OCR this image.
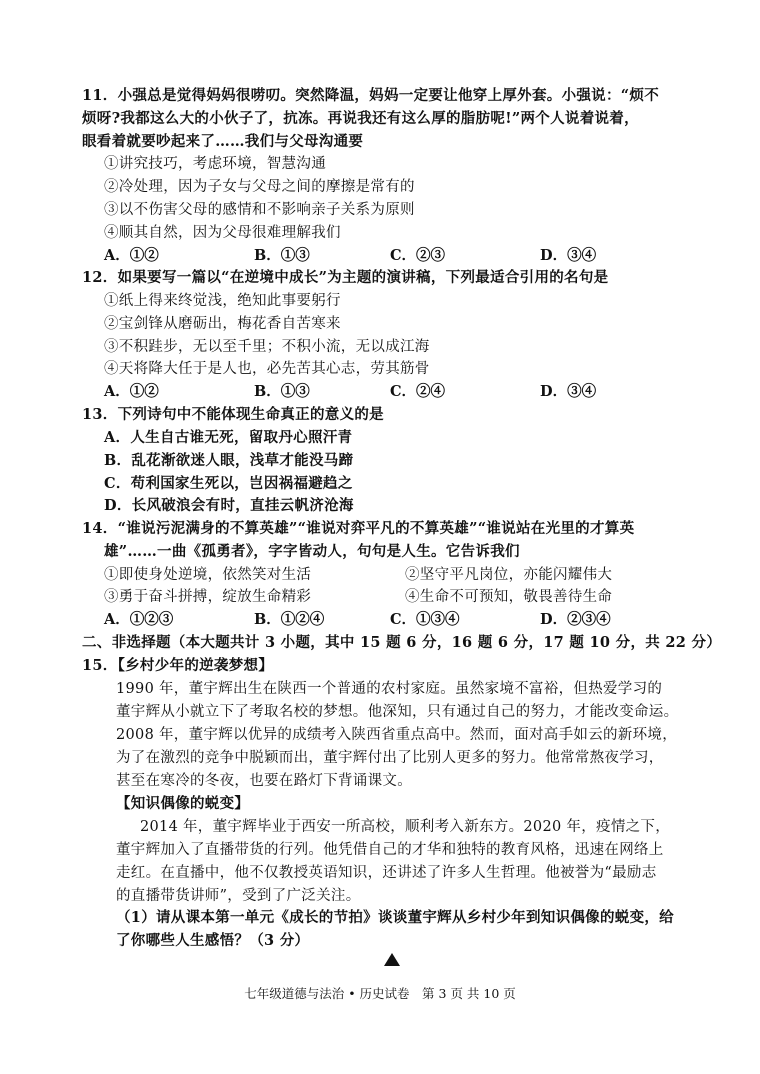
11．小强总是觉得妈妈很唠叨。突然降温，妈妈一定要让他穿上厚外套。小强说：“烦不
烦呀?我都这么大的小伙子了，抗冻。再说我还有这么厚的脂肪呢!”两个人说着说着，
眼看着就要吵起来了……我们与父母沟通要
①讲究技巧，考虑环境，智慧沟通
②冷处理，因为子女与父母之间的摩擦是常有的
③以不伤害父母的感情和不影响亲子关系为原则
④顺其自然，因为父母很难理解我们
A．①②	B．①③	C．②③	D．③④
12．如果要写一篇以“在逆境中成长”为主题的演讲稿，下列最适合引用的名句是
①纸上得来终觉浅，绝知此事要躬行
②宝剑锋从磨砺出，梅花香自苦寒来
③不积跬步，无以至千里；不积小流，无以成江海
④天将降大任于是人也，必先苦其心志，劳其筋骨
A．①②	B．①③	C．②④	D．③④
13．下列诗句中不能体现生命真正的意义的是
A．人生自古谁无死，留取丹心照汗青
B．乱花渐欲迷人眼，浅草才能没马蹄
C．苟利国家生死以，岂因祸福避趋之
D．长风破浪会有时，直挂云帆济沧海
14．“谁说污泥满身的不算英雄”“谁说对弈平凡的不算英雄”“谁说站在光里的才算英
雄”……一曲《孤勇者》，字字皆动人，句句是人生。它告诉我们
①即使身处逆境，依然笑对生活	②坚守平凡岗位，亦能闪耀伟大
③勇于奋斗拼搏，绽放生命精彩	④生命不可预知，敬畏善待生命
A．①②③	B．①②④	C．①③④	D．②③④
二、非选择题（本大题共计 3 小题，其中 15 题 6 分，16 题 6 分，17 题 10 分，共 22 分）
15．【乡村少年的逆袭梦想】
1990 年，董宇辉出生在陕西一个普通的农村家庭。虽然家境不富裕，但热爱学习的
董宇辉从小就立下了考取名校的梦想。他深知，只有通过自己的努力，才能改变命运。
2008 年，董宇辉以优异的成绩考入陕西省重点高中。然而，面对高手如云的新环境，
为了在激烈的竞争中脱颖而出，董宇辉付出了比别人更多的努力。他常常熬夜学习，
甚至在寒冷的冬夜，也要在路灯下背诵课文。
【知识偶像的蜕变】
2014 年，董宇辉毕业于西安一所高校，顺利考入新东方。2020 年，疫情之下，
董宇辉加入了直播带货的行列。他凭借自己的才华和独特的教育风格，迅速在网络上
走红。在直播中，他不仅教授英语知识，还讲述了许多人生哲理。他被誉为“最励志
的直播带货讲师”，受到了广泛关注。
（1）请从课本第一单元《成长的节拍》谈谈董宇辉从乡村少年到知识偶像的蜕变，给
了你哪些人生感悟？（3 分）
七年级道德与法治 • 历史试卷　第 3 页 共 10 页
